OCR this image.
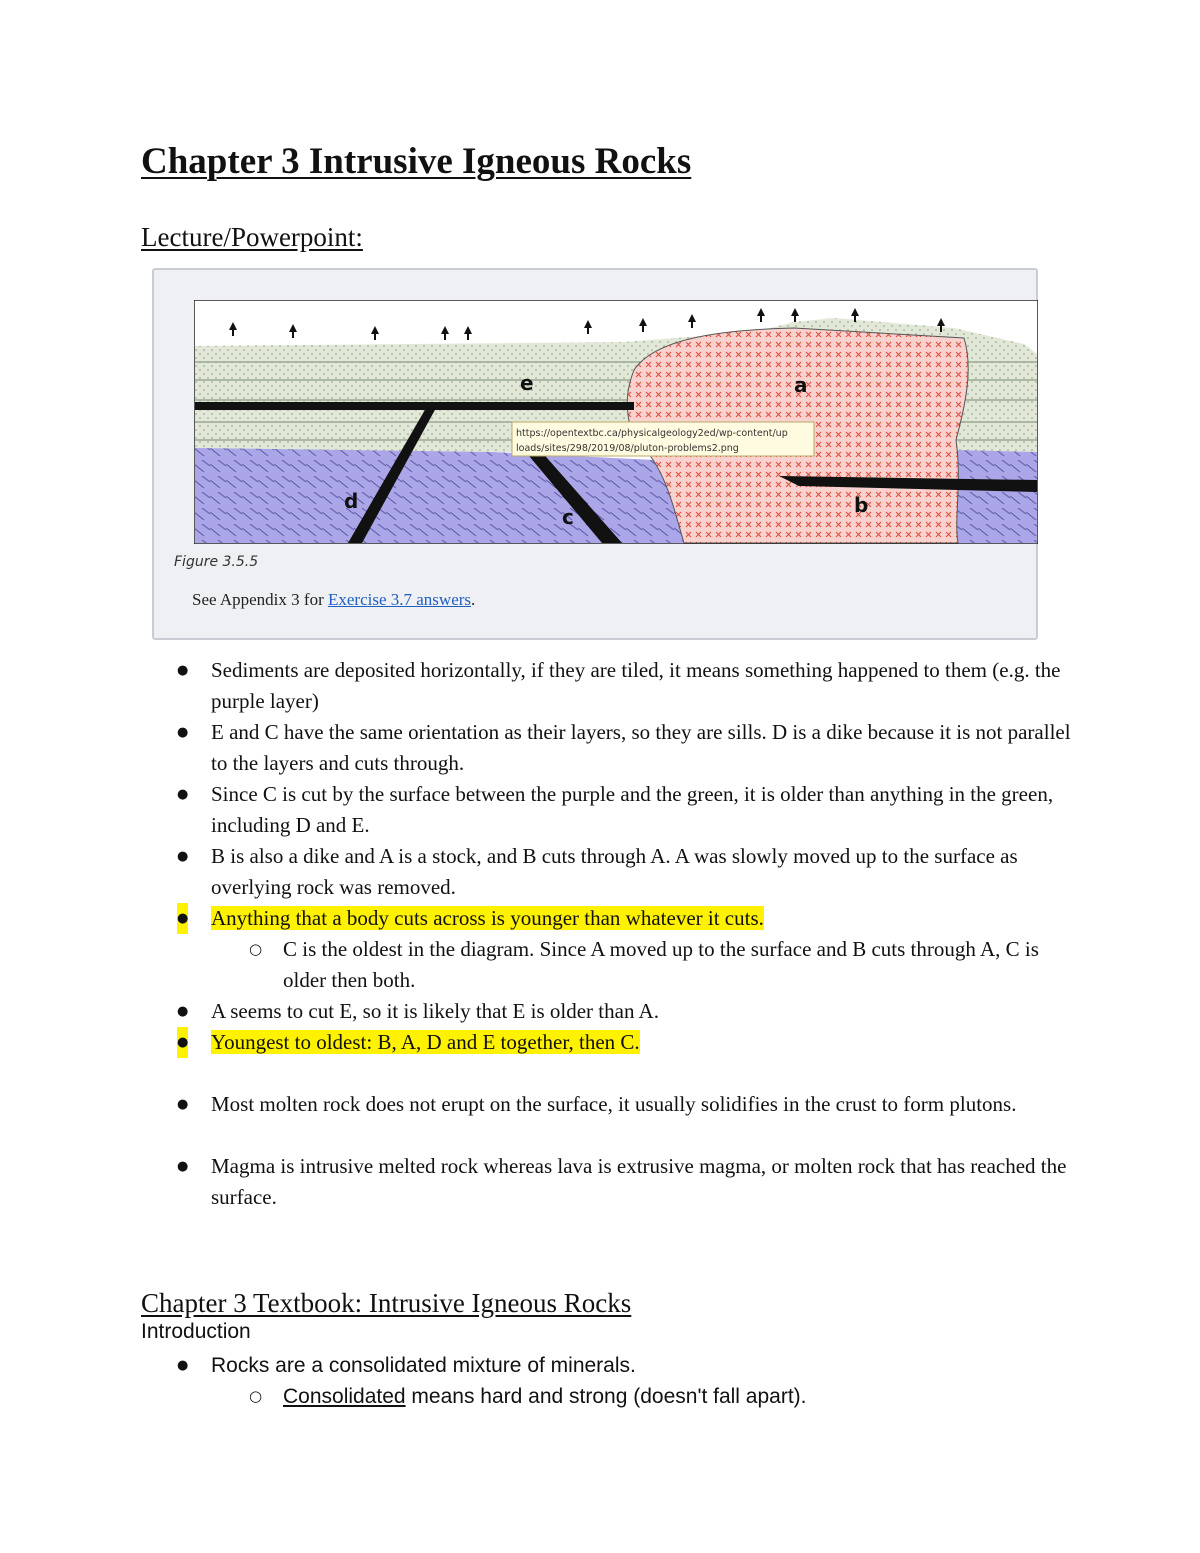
Chapter 3 Intrusive Igneous Rocks
Lecture/Powerpoint:
a
b
c
d
e
https://opentextbc.ca/physicalgeology2ed/wp-content/up
loads/sites/298/2019/08/pluton-problems2.png
Figure 3.5.5
See Appendix 3 for Exercise 3.7 answers.
● Sediments are deposited horizontally, if they are tiled, it means something happened to them (e.g. the purple layer)
● E and C have the same orientation as their layers, so they are sills. D is a dike because it is not parallel to the layers and cuts through.
● Since C is cut by the surface between the purple and the green, it is older than anything in the green, including D and E.
● B is also a dike and A is a stock, and B cuts through A. A was slowly moved up to the surface as overlying rock was removed.
● Anything that a body cuts across is younger than whatever it cuts.
○ C is the oldest in the diagram. Since A moved up to the surface and B cuts through A, C is older then both.
● A seems to cut E, so it is likely that E is older than A.
● Youngest to oldest: B, A, D and E together, then C.
● Most molten rock does not erupt on the surface, it usually solidifies in the crust to form plutons.
● Magma is intrusive melted rock whereas lava is extrusive magma, or molten rock that has reached the surface.
Chapter 3 Textbook: Intrusive Igneous Rocks
Introduction
● Rocks are a consolidated mixture of minerals.
○ Consolidated means hard and strong (doesn't fall apart).
